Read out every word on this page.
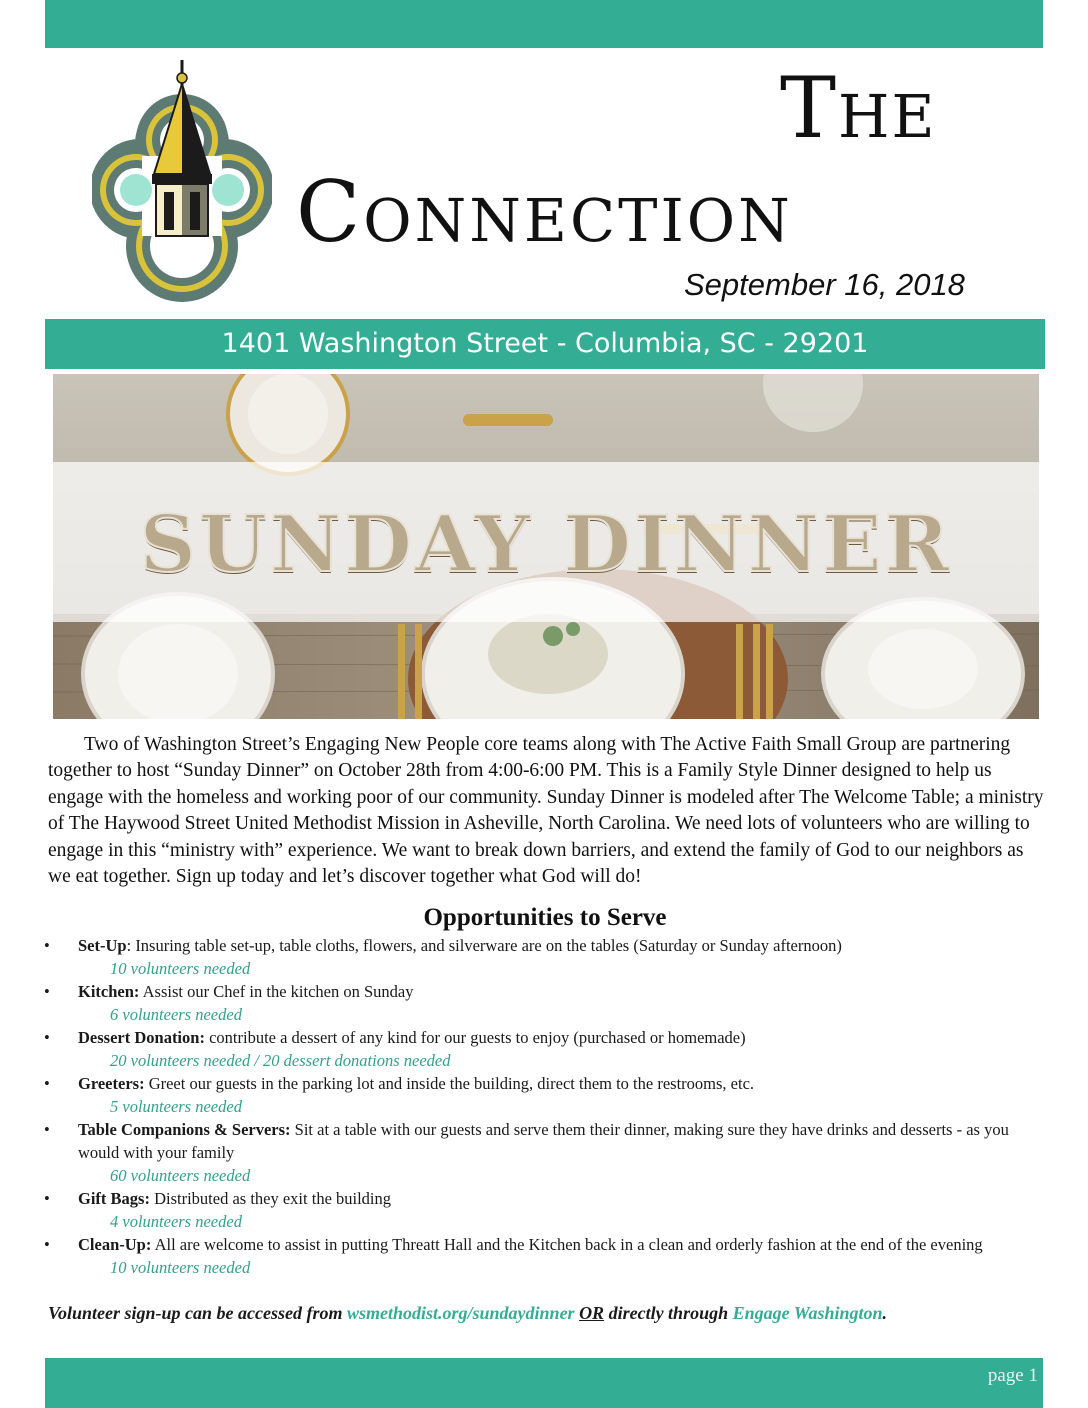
The
Connection
September 16, 2018
1401 Washington Street - Columbia, SC - 29201
SUNDAY DINNER

Two of Washington Street’s Engaging New People core teams along with The Active Faith Small Group are partnering together to host “Sunday Dinner” on October 28th from 4:00-6:00 PM. This is a Family Style Dinner designed to help us engage with the homeless and working poor of our community. Sunday Dinner is modeled after The Welcome Table; a ministry of The Haywood Street United Methodist Mission in Asheville, North Carolina. We need lots of volunteers who are willing to engage in this “ministry with” experience. We want to break down barriers, and extend the family of God to our neighbors as we eat together. Sign up today and let’s discover together what God will do!

Opportunities to Serve
• Set-Up: Insuring table set-up, table cloths, flowers, and silverware are on the tables (Saturday or Sunday afternoon)
10 volunteers needed
• Kitchen: Assist our Chef in the kitchen on Sunday
6 volunteers needed
• Dessert Donation: contribute a dessert of any kind for our guests to enjoy (purchased or homemade)
20 volunteers needed / 20 dessert donations needed
• Greeters: Greet our guests in the parking lot and inside the building, direct them to the restrooms, etc.
5 volunteers needed
• Table Companions & Servers: Sit at a table with our guests and serve them their dinner, making sure they have drinks and desserts - as you would with your family
60 volunteers needed
• Gift Bags: Distributed as they exit the building
4 volunteers needed
• Clean-Up: All are welcome to assist in putting Threatt Hall and the Kitchen back in a clean and orderly fashion at the end of the evening
10 volunteers needed
Volunteer sign-up can be accessed from wsmethodist.org/sundaydinner OR directly through Engage Washington.
page 1
